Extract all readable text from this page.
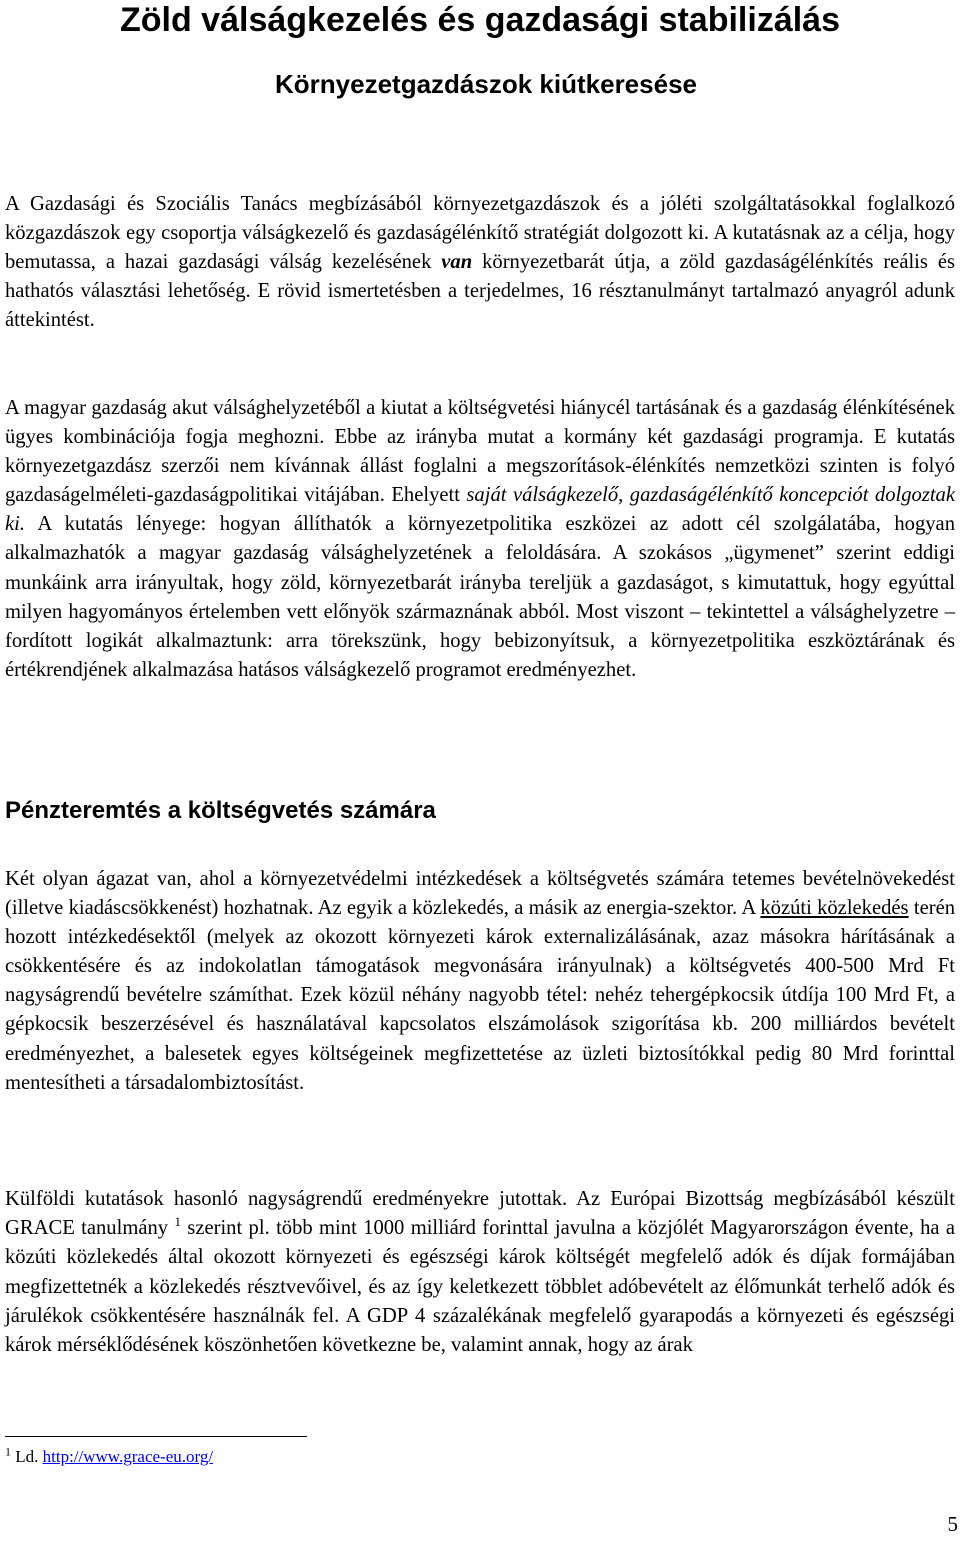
Zöld válságkezelés és gazdasági stabilizálás
Környezetgazdászok kiútkeresése

A Gazdasági és Szociális Tanács megbízásából környezetgazdászok és a jóléti szolgáltatásokkal foglalkozó közgazdászok egy csoportja válságkezelő és gazdaságélénkítő stratégiát dolgozott ki. A kutatásnak az a célja, hogy bemutassa, a hazai gazdasági válság kezelésének van környezetbarát útja, a zöld gazdaságélénkítés reális és hathatós választási lehetőség. E rövid ismertetésben a terjedelmes, 16 résztanulmányt tartalmazó anyagról adunk áttekintést.

A magyar gazdaság akut válsághelyzetéből a kiutat a költségvetési hiánycél tartásának és a gazdaság élénkítésének ügyes kombinációja fogja meghozni. Ebbe az irányba mutat a kormány két gazdasági programja. E kutatás környezetgazdász szerzői nem kívánnak állást foglalni a megszorítások-élénkítés nemzetközi szinten is folyó gazdaságelméleti-gazdaságpolitikai vitájában. Ehelyett saját válságkezelő, gazdaságélénkítő koncepciót dolgoztak ki. A kutatás lényege: hogyan állíthatók a környezetpolitika eszközei az adott cél szolgálatába, hogyan alkalmazhatók a magyar gazdaság válsághelyzetének a feloldására. A szokásos „ügymenet” szerint eddigi munkáink arra irányultak, hogy zöld, környezetbarát irányba tereljük a gazdaságot, s kimutattuk, hogy egyúttal milyen hagyományos értelemben vett előnyök származnának abból. Most viszont – tekintettel a válsághelyzetre – fordított logikát alkalmaztunk: arra törekszünk, hogy bebizonyítsuk, a környezetpolitika eszköztárának és értékrendjének alkalmazása hatásos válságkezelő programot eredményezhet.

Pénzteremtés a költségvetés számára

Két olyan ágazat van, ahol a környezetvédelmi intézkedések a költségvetés számára tetemes bevételnövekedést (illetve kiadáscsökkenést) hozhatnak. Az egyik a közlekedés, a másik az energia-szektor. A közúti közlekedés terén hozott intézkedésektől (melyek az okozott környezeti károk externalizálásának, azaz másokra hárításának a csökkentésére és az indokolatlan támogatások megvonására irányulnak) a költségvetés 400-500 Mrd Ft nagyságrendű bevételre számíthat. Ezek közül néhány nagyobb tétel: nehéz tehergépkocsik útdíja 100 Mrd Ft, a gépkocsik beszerzésével és használatával kapcsolatos elszámolások szigorítása kb. 200 milliárdos bevételt eredményezhet, a balesetek egyes költségeinek megfizettetése az üzleti biztosítókkal pedig 80 Mrd forinttal mentesítheti a társadalombiztosítást.

Külföldi kutatások hasonló nagyságrendű eredményekre jutottak. Az Európai Bizottság megbízásából készült GRACE tanulmány $^1$ szerint pl. több mint 1000 milliárd forinttal javulna a közjólét Magyarországon évente, ha a közúti közlekedés által okozott környezeti és egészségi károk költségét megfelelő adók és díjak formájában megfizettetnék a közlekedés résztvevőivel, és az így keletkezett többlet adóbevételt az élőmunkát terhelő adók és járulékok csökkentésére használnák fel. A GDP 4 százalékának megfelelő gyarapodás a környezeti és egészségi károk mérséklődésének köszönhetően következne be, valamint annak, hogy az árak

$^1$ Ld. http://www.grace-eu.org/

5
